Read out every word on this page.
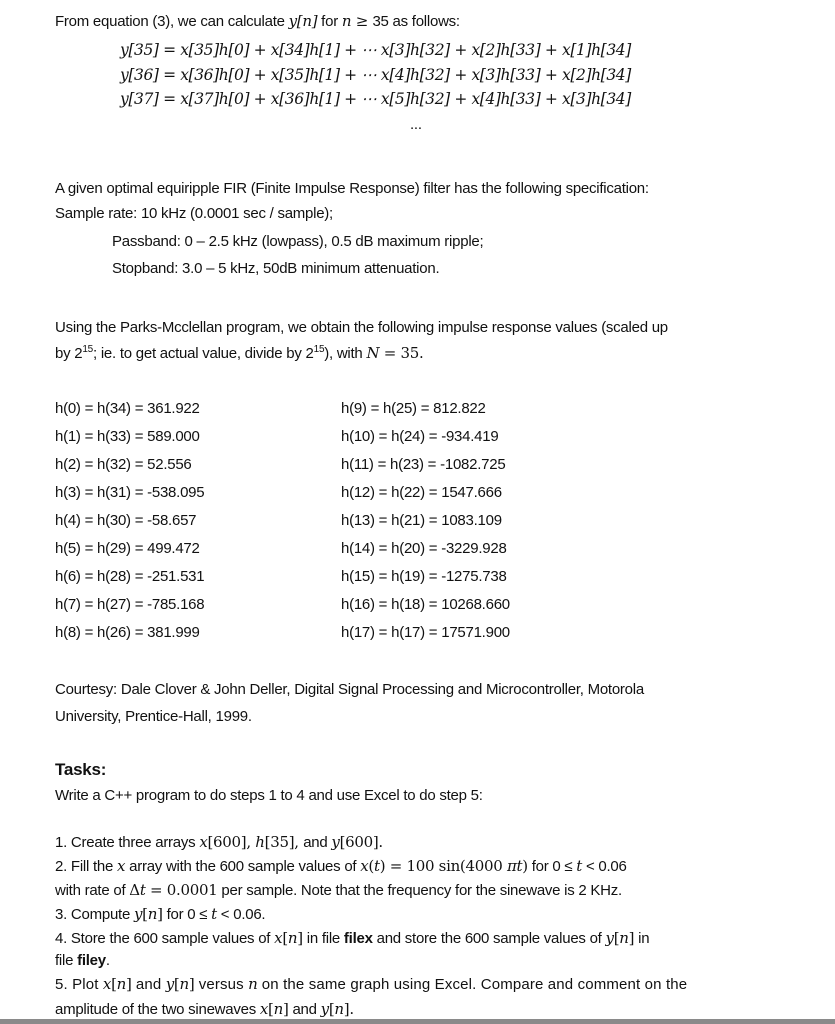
From equation (3), we can calculate y[n] for n ≥ 35 as follows:
y[35] = x[35]h[0] + x[34]h[1] + ⋯ x[3]h[32] + x[2]h[33] + x[1]h[34]
y[36] = x[36]h[0] + x[35]h[1] + ⋯ x[4]h[32] + x[3]h[33] + x[2]h[34]
y[37] = x[37]h[0] + x[36]h[1] + ⋯ x[5]h[32] + x[4]h[33] + x[3]h[34]
...
A given optimal equiripple FIR (Finite Impulse Response) filter has the following specification:
Sample rate: 10 kHz (0.0001 sec / sample);
Passband: 0 – 2.5 kHz (lowpass), 0.5 dB maximum ripple;
Stopband: 3.0 – 5 kHz, 50dB minimum attenuation.
Using the Parks-Mcclellan program, we obtain the following impulse response values (scaled up
by $2^{15}$; ie. to get actual value, divide by $2^{15}$), with N = 35.
h(0) = h(34) = 361.922
h(1) = h(33) = 589.000
h(2) = h(32) = 52.556
h(3) = h(31) = -538.095
h(4) = h(30) = -58.657
h(5) = h(29) = 499.472
h(6) = h(28) = -251.531
h(7) = h(27) = -785.168
h(8) = h(26) = 381.999
h(9) = h(25) = 812.822
h(10) = h(24) = -934.419
h(11) = h(23) = -1082.725
h(12) = h(22) = 1547.666
h(13) = h(21) = 1083.109
h(14) = h(20) = -3229.928
h(15) = h(19) = -1275.738
h(16) = h(18) = 10268.660
h(17) = h(17) = 17571.900
Courtesy: Dale Clover & John Deller, Digital Signal Processing and Microcontroller, Motorola
University, Prentice-Hall, 1999.
Tasks:
Write a C++ program to do steps 1 to 4 and use Excel to do step 5:
1. Create three arrays x[600], h[35], and y[600].
2. Fill the x array with the 600 sample values of x(t) = 100 sin(4000 πt) for 0 ≤ t < 0.06
with rate of Δt = 0.0001 per sample. Note that the frequency for the sinewave is 2 KHz.
3. Compute y[n] for 0 ≤ t < 0.06.
4. Store the 600 sample values of x[n] in file filex and store the 600 sample values of y[n] in
file filey.
5. Plot x[n] and y[n] versus n on the same graph using Excel. Compare and comment on the
amplitude of the two sinewaves x[n] and y[n].
